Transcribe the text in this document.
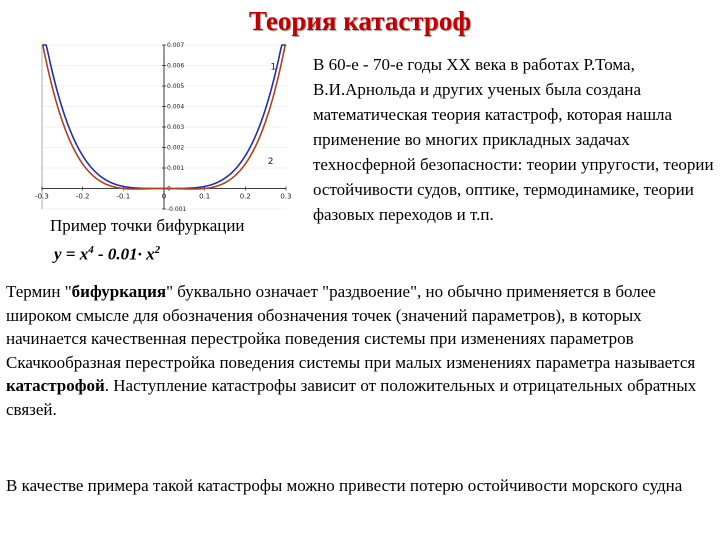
Теория катастроф
-0.001
0
0.001
0.002
0.003
0.004
0.005
0.006
0.007
-0.3	-0.2	-0.1	0	0.1	0.2	0.3
1
2
Пример точки бифуркации
$y = x^4 - 0.01\cdot x^2$
В 60-е - 70-е годы XX века в работах Р.Тома, В.И.Арнольда и других ученых была создана математическая теория катастроф, которая нашла применение во многих прикладных задачах техносферной безопасности: теории упругости, теории остойчивости судов, оптике, термодинамике, теории фазовых переходов и т.п.
Термин "бифуркация" буквально означает "раздвоение", но обычно применяется в более широком смысле для обозначения обозначения точек (значений параметров), в которых начинается качественная перестройка поведения системы при изменениях параметров
Скачкообразная перестройка поведения системы при малых изменениях параметра называется катастрофой. Наступление катастрофы зависит от положительных и отрицательных обратных связей.
В качестве примера такой катастрофы можно привести потерю остойчивости морского судна
